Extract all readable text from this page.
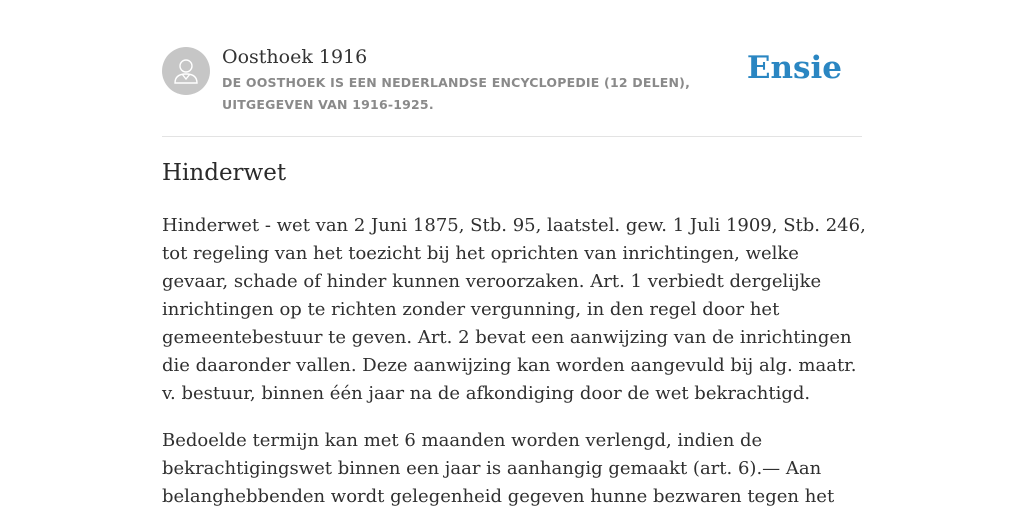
Oosthoek 1916
DE OOSTHOEK IS EEN NEDERLANDSE ENCYCLOPEDIE (12 DELEN), UITGEGEVEN VAN 1916-1925.
Ensie
Hinderwet

Hinderwet - wet van 2 Juni 1875, Stb. 95, laatstel. gew. 1 Juli 1909, Stb. 246, tot regeling van het toezicht bij het oprichten van inrichtingen, welke gevaar, schade of hinder kunnen veroorzaken. Art. 1 verbiedt dergelijke inrichtingen op te richten zonder vergunning, in den regel door het gemeentebestuur te geven. Art. 2 bevat een aanwijzing van de inrichtingen die daaronder vallen. Deze aanwijzing kan worden aangevuld bij alg. maatr. v. bestuur, binnen één jaar na de afkondiging door de wet bekrachtigd.

Bedoelde termijn kan met 6 maanden worden verlengd, indien de bekrachtigingswet binnen een jaar is aanhangig gemaakt (art. 6).— Aan belanghebbenden wordt gelegenheid gegeven hunne bezwaren tegen het
